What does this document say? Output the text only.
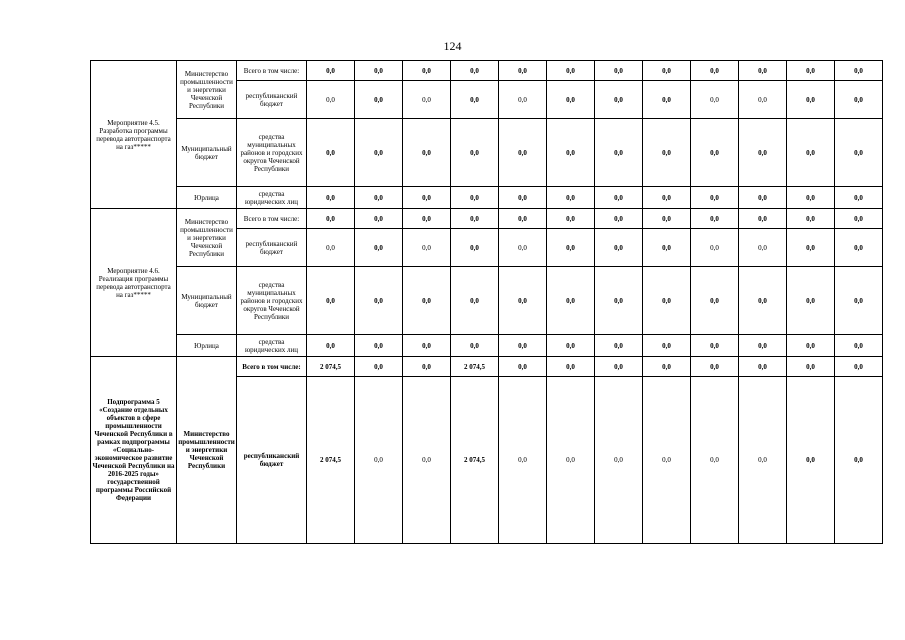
124
Мероприятие 4.5. Разработка программы перевода автотранспорта на газ*****	Министерство промышленности и энергетики Чеченской Республики	Всего в том числе:	0,0	0,0	0,0	0,0	0,0	0,0	0,0	0,0	0,0	0,0	0,0	0,0
		республиканский бюджет	0,0	0,0	0,0	0,0	0,0	0,0	0,0	0,0	0,0	0,0	0,0	0,0
	Муниципальный бюджет	средства муниципальных районов и городских округов Чеченской Республики	0,0	0,0	0,0	0,0	0,0	0,0	0,0	0,0	0,0	0,0	0,0	0,0
	Юрлица	средства юридических лиц	0,0	0,0	0,0	0,0	0,0	0,0	0,0	0,0	0,0	0,0	0,0	0,0
Мероприятие 4.6. Реализация программы перевода автотранспорта на газ*****	Министерство промышленности и энергетики Чеченской Республики	Всего в том числе:	0,0	0,0	0,0	0,0	0,0	0,0	0,0	0,0	0,0	0,0	0,0	0,0
		республиканский бюджет	0,0	0,0	0,0	0,0	0,0	0,0	0,0	0,0	0,0	0,0	0,0	0,0
	Муниципальный бюджет	средства муниципальных районов и городских округов Чеченской Республики	0,0	0,0	0,0	0,0	0,0	0,0	0,0	0,0	0,0	0,0	0,0	0,0
	Юрлица	средства юридических лиц	0,0	0,0	0,0	0,0	0,0	0,0	0,0	0,0	0,0	0,0	0,0	0,0
Подпрограмма 5 «Создание отдельных объектов в сфере промышленности Чеченской Республики в рамках подпрограммы «Социально-экономическое развитие Чеченской Республики на 2016-2025 годы» государственной программы Российской Федерации	Министерство промышленности и энергетики Чеченской Республики	Всего в том числе:	2 074,5	0,0	0,0	2 074,5	0,0	0,0	0,0	0,0	0,0	0,0	0,0	0,0
		республиканский бюджет	2 074,5	0,0	0,0	2 074,5	0,0	0,0	0,0	0,0	0,0	0,0	0,0	0,0
